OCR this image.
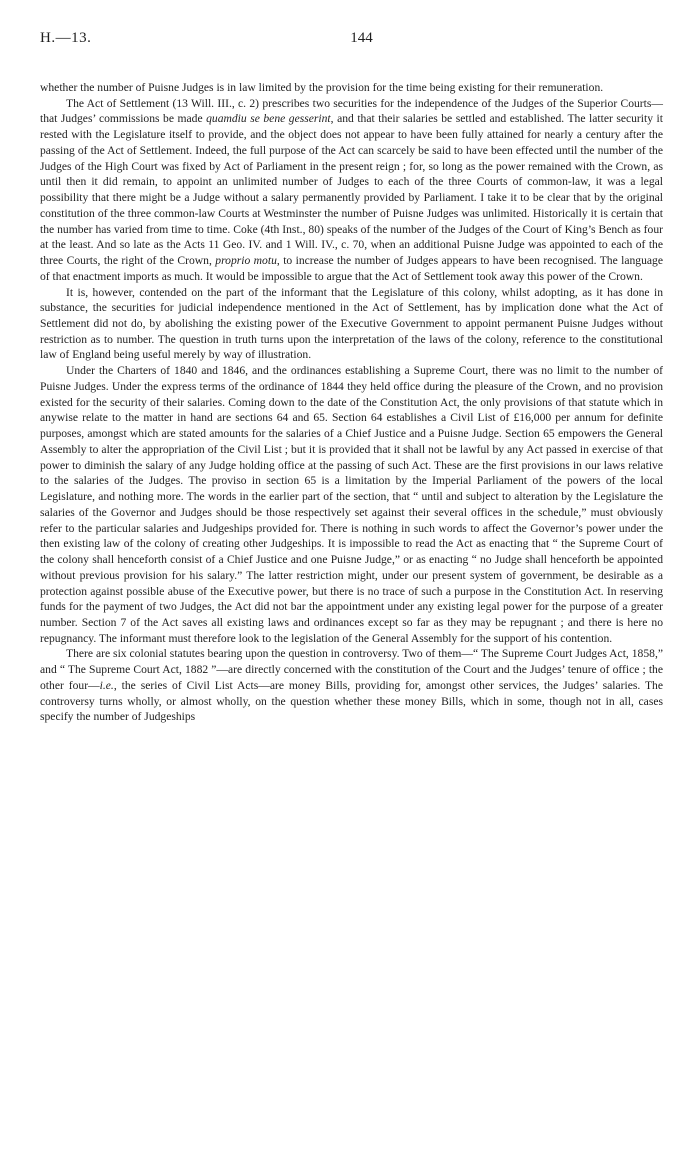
H.—13.	144

whether the number of Puisne Judges is in law limited by the provision for the time being existing for their remuneration.

The Act of Settlement (13 Will. III., c. 2) prescribes two securities for the independence of the Judges of the Superior Courts—that Judges’ commissions be made quamdiu se bene gesserint, and that their salaries be settled and established. The latter security it rested with the Legislature itself to provide, and the object does not appear to have been fully attained for nearly a century after the passing of the Act of Settlement. Indeed, the full purpose of the Act can scarcely be said to have been effected until the number of the Judges of the High Court was fixed by Act of Parliament in the present reign ; for, so long as the power remained with the Crown, as until then it did remain, to appoint an unlimited number of Judges to each of the three Courts of common-law, it was a legal possibility that there might be a Judge without a salary permanently provided by Parliament. I take it to be clear that by the original constitution of the three common-law Courts at Westminster the number of Puisne Judges was unlimited. Historically it is certain that the number has varied from time to time. Coke (4th Inst., 80) speaks of the number of the Judges of the Court of King’s Bench as four at the least. And so late as the Acts 11 Geo. IV. and 1 Will. IV., c. 70, when an additional Puisne Judge was appointed to each of the three Courts, the right of the Crown, proprio motu, to increase the number of Judges appears to have been recognised. The language of that enactment imports as much. It would be impossible to argue that the Act of Settlement took away this power of the Crown.

It is, however, contended on the part of the informant that the Legislature of this colony, whilst adopting, as it has done in substance, the securities for judicial independence mentioned in the Act of Settlement, has by implication done what the Act of Settlement did not do, by abolishing the existing power of the Executive Government to appoint permanent Puisne Judges without restriction as to number. The question in truth turns upon the interpretation of the laws of the colony, reference to the constitutional law of England being useful merely by way of illustration.

Under the Charters of 1840 and 1846, and the ordinances establishing a Supreme Court, there was no limit to the number of Puisne Judges. Under the express terms of the ordinance of 1844 they held office during the pleasure of the Crown, and no provision existed for the security of their salaries. Coming down to the date of the Constitution Act, the only provisions of that statute which in anywise relate to the matter in hand are sections 64 and 65. Section 64 establishes a Civil List of £16,000 per annum for definite purposes, amongst which are stated amounts for the salaries of a Chief Justice and a Puisne Judge. Section 65 empowers the General Assembly to alter the appropriation of the Civil List ; but it is provided that it shall not be lawful by any Act passed in exercise of that power to diminish the salary of any Judge holding office at the passing of such Act. These are the first provisions in our laws relative to the salaries of the Judges. The proviso in section 65 is a limitation by the Imperial Parliament of the powers of the local Legislature, and nothing more. The words in the earlier part of the section, that “ until and subject to alteration by the Legislature the salaries of the Governor and Judges should be those respectively set against their several offices in the schedule,” must obviously refer to the particular salaries and Judgeships provided for. There is nothing in such words to affect the Governor’s power under the then existing law of the colony of creating other Judgeships. It is impossible to read the Act as enacting that “ the Supreme Court of the colony shall henceforth consist of a Chief Justice and one Puisne Judge,” or as enacting “ no Judge shall henceforth be appointed without previous provision for his salary.” The latter restriction might, under our present system of government, be desirable as a protection against possible abuse of the Executive power, but there is no trace of such a purpose in the Constitution Act. In reserving funds for the payment of two Judges, the Act did not bar the appointment under any existing legal power for the purpose of a greater number. Section 7 of the Act saves all existing laws and ordinances except so far as they may be repugnant ; and there is here no repugnancy. The informant must therefore look to the legislation of the General Assembly for the support of his contention.

There are six colonial statutes bearing upon the question in controversy. Two of them—“ The Supreme Court Judges Act, 1858,” and “ The Supreme Court Act, 1882 ”—are directly concerned with the constitution of the Court and the Judges’ tenure of office ; the other four—i.e., the series of Civil List Acts—are money Bills, providing for, amongst other services, the Judges’ salaries. The controversy turns wholly, or almost wholly, on the question whether these money Bills, which in some, though not in all, cases specify the number of Judgeships
